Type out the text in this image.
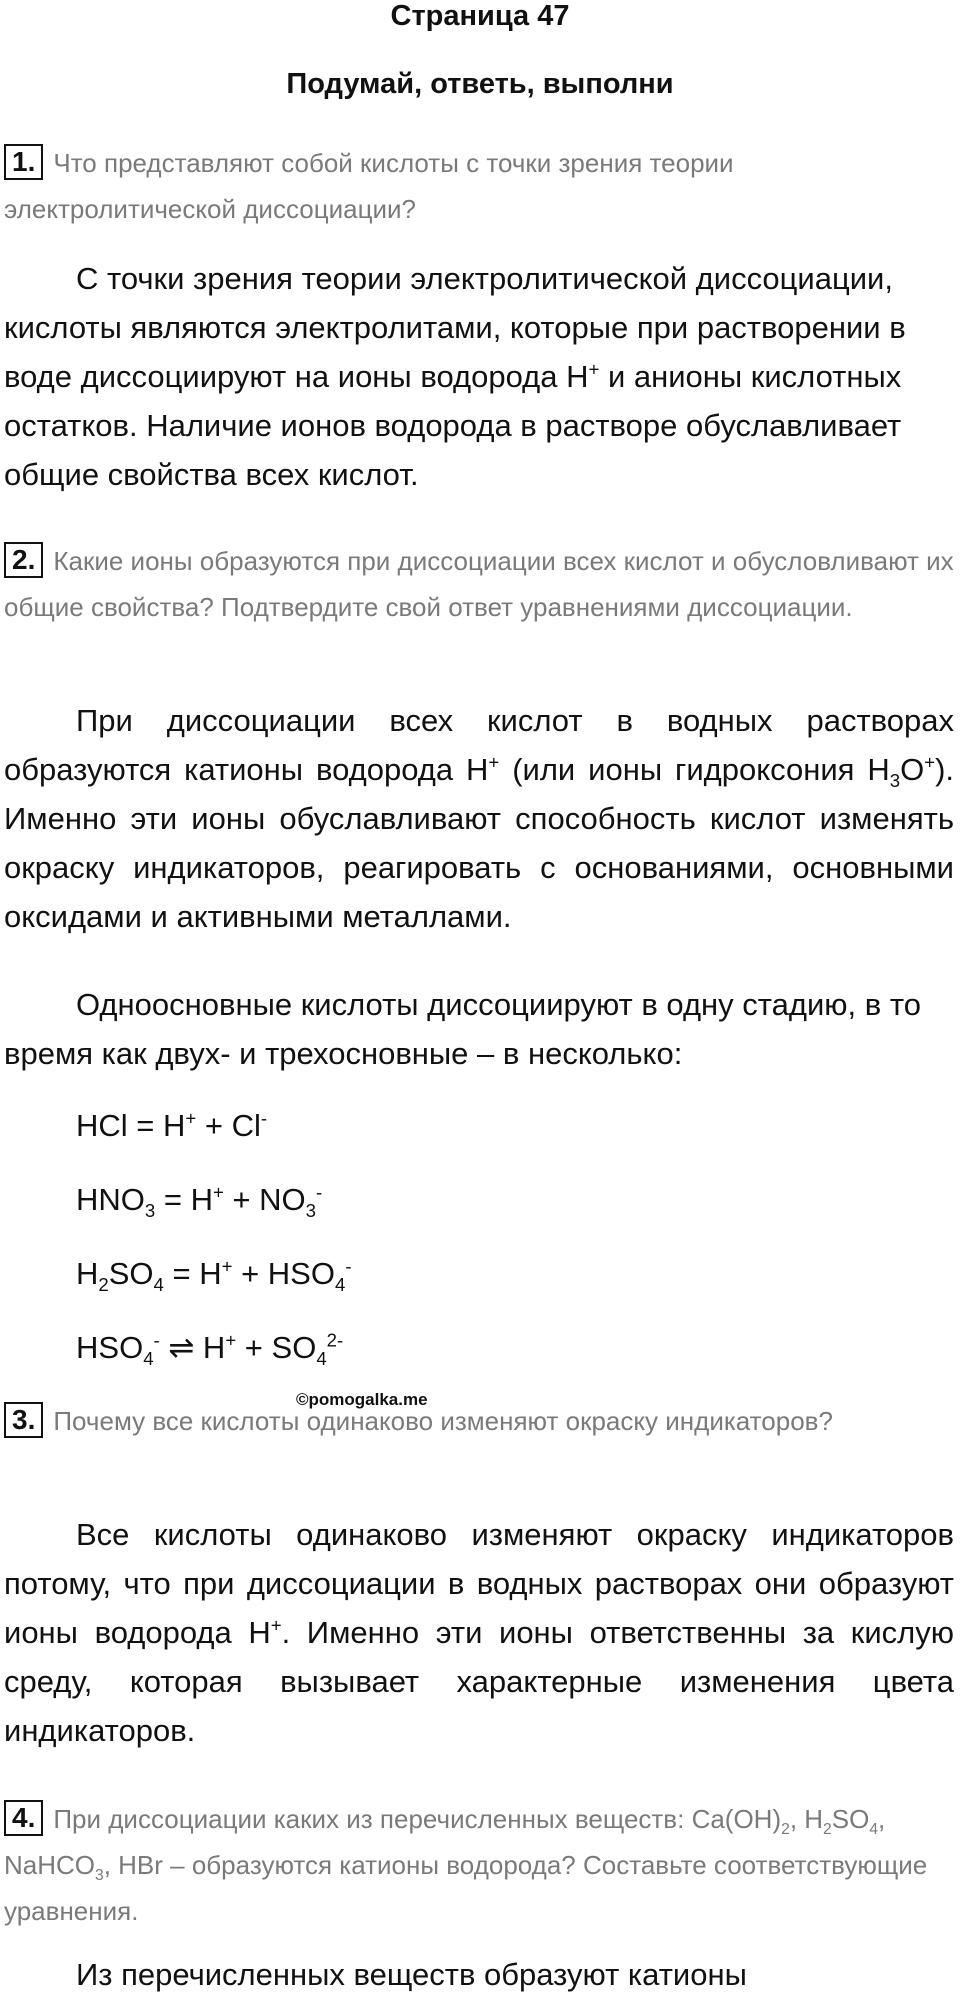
Страница 47
Подумай, ответь, выполни
1. Что представляют собой кислоты с точки зрения теории электролитической диссоциации?
С точки зрения теории электролитической диссоциации, кислоты являются электролитами, которые при растворении в воде диссоциируют на ионы водорода H+ и анионы кислотных остатков. Наличие ионов водорода в растворе обуславливает общие свойства всех кислот.
2. Какие ионы образуются при диссоциации всех кислот и обусловливают их общие свойства? Подтвердите свой ответ уравнениями диссоциации.
При диссоциации всех кислот в водных растворах образуются катионы водорода H+ (или ионы гидроксония $H_3O^+$). Именно эти ионы обуславливают способность кислот изменять окраску индикаторов, реагировать с основаниями, основными оксидами и активными металлами.
Одноосновные кислоты диссоциируют в одну стадию, в то время как двух- и трехосновные – в несколько:
HCl = H+ + Cl-
$HNO_3 = H^+ + NO_3^-$
$H_2SO_4 = H^+ + HSO_4^-$
$HSO_4^-$ ⇌ $H^+ + SO_4^{2-}$
©pomogalka.me
3. Почему все кислоты одинаково изменяют окраску индикаторов?
Все кислоты одинаково изменяют окраску индикаторов потому, что при диссоциации в водных растворах они образуют ионы водорода H+. Именно эти ионы ответственны за кислую среду, которая вызывает характерные изменения цвета индикаторов.
4. При диссоциации каких из перечисленных веществ: $Ca(OH)_2$, $H_2SO_4$, NaHCO$_3$, HBr – образуются катионы водорода? Составьте соответствующие уравнения.
Из перечисленных веществ образуют катионы
